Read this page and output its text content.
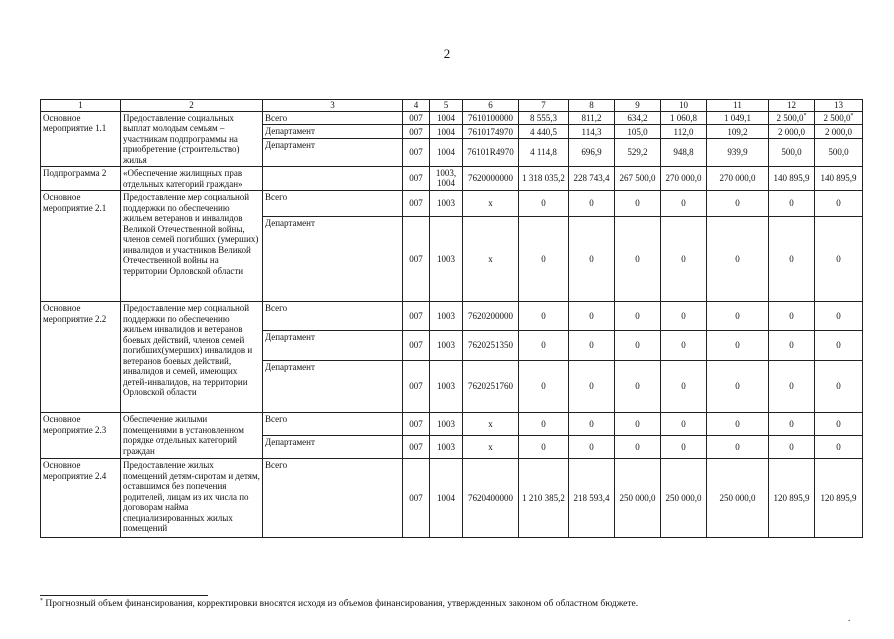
2
1	2	3	4	5	6	7	8	9	10	11	12	13
Основное мероприятие 1.1	Предоставление социальных выплат молодым семьям – участникам подпрограммы на приобретение (строительство) жилья	Всего	007	1004	7610100000	8 555,3	811,2	634,2	1 060,8	1 049,1	2 500,0*	2 500,0*
		Департамент	007	1004	7610174970	4 440,5	114,3	105,0	112,0	109,2	2 000,0	2 000,0
		Департамент	007	1004	76101R4970	4 114,8	696,9	529,2	948,8	939,9	500,0	500,0
Подпрограмма 2	«Обеспечение жилищных прав отдельных категорий граждан»		007	1003, 1004	7620000000	1 318 035,2	228 743,4	267 500,0	270 000,0	270 000,0	140 895,9	140 895,9
Основное мероприятие 2.1	Предоставление мер социальной поддержки по обеспечению жильем ветеранов и инвалидов Великой Отечественной войны, членов семей погибших (умерших) инвалидов и участников Великой Отечественной войны на территории Орловской области	Всего	007	1003	х	0	0	0	0	0	0	0
		Департамент	007	1003	х	0	0	0	0	0	0	0
Основное мероприятие 2.2	Предоставление мер социальной поддержки по обеспечению жильем инвалидов и ветеранов боевых действий, членов семей погибших(умерших) инвалидов и ветеранов боевых действий, инвалидов и семей, имеющих детей-инвалидов, на территории Орловской области	Всего	007	1003	7620200000	0	0	0	0	0	0	0
		Департамент	007	1003	7620251350	0	0	0	0	0	0	0
		Департамент	007	1003	7620251760	0	0	0	0	0	0	0
Основное мероприятие 2.3	Обеспечение жилыми помещениями в установленном порядке отдельных категорий граждан	Всего	007	1003	х	0	0	0	0	0	0	0
		Департамент	007	1003	х	0	0	0	0	0	0	0
Основное мероприятие 2.4	Предоставление жилых помещений детям-сиротам и детям, оставшимся без попечения родителей, лицам из их числа по договорам найма специализированных жилых помещений	Всего	007	1004	7620400000	1 210 385,2	218 593,4	250 000,0	250 000,0	250 000,0	120 895,9	120 895,9
* Прогнозный объем финансирования, корректировки вносятся исходя из объемов финансирования, утвержденных законом об областном бюджете.
.
